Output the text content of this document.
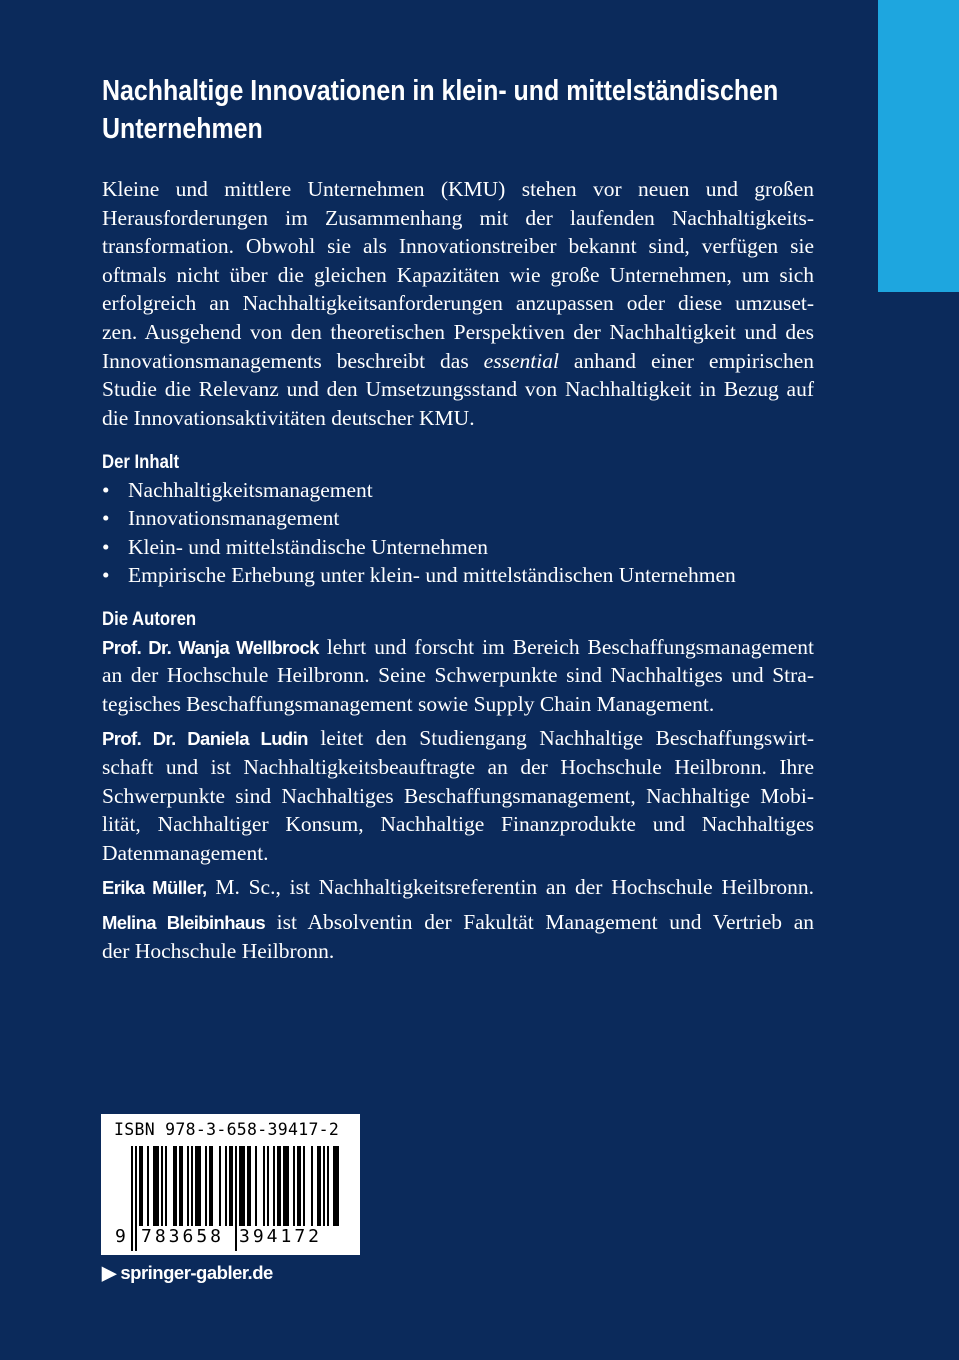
Nachhaltige Innovationen in klein- und mittelständischen
Unternehmen
Kleine und mittlere Unternehmen (KMU) stehen vor neuen und großen
Herausforderungen im Zusammenhang mit der laufenden Nachhaltigkeits-
transformation. Obwohl sie als Innovationstreiber bekannt sind, verfügen sie
oftmals nicht über die gleichen Kapazitäten wie große Unternehmen, um sich
erfolgreich an Nachhaltigkeitsanforderungen anzupassen oder diese umzuset-
zen. Ausgehend von den theoretischen Perspektiven der Nachhaltigkeit und des
Innovationsmanagements beschreibt das essential anhand einer empirischen
Studie die Relevanz und den Umsetzungsstand von Nachhaltigkeit in Bezug auf
die Innovationsaktivitäten deutscher KMU.
Der Inhalt
• Nachhaltigkeitsmanagement
• Innovationsmanagement
• Klein- und mittelständische Unternehmen
• Empirische Erhebung unter klein- und mittelständischen Unternehmen
Die Autoren
Prof. Dr. Wanja Wellbrock lehrt und forscht im Bereich Beschaffungsmanagement
an der Hochschule Heilbronn. Seine Schwerpunkte sind Nachhaltiges und Stra-
tegisches Beschaffungsmanagement sowie Supply Chain Management.
Prof. Dr. Daniela Ludin leitet den Studiengang Nachhaltige Beschaffungswirt-
schaft und ist Nachhaltigkeitsbeauftragte an der Hochschule Heilbronn. Ihre
Schwerpunkte sind Nachhaltiges Beschaffungsmanagement, Nachhaltige Mobi-
lität, Nachhaltiger Konsum, Nachhaltige Finanzprodukte und Nachhaltiges
Datenmanagement.
Erika Müller, M. Sc., ist Nachhaltigkeitsreferentin an der Hochschule Heilbronn.
Melina Bleibinhaus ist Absolventin der Fakultät Management und Vertrieb an
der Hochschule Heilbronn.
ISBN 978-3-658-39417-2
9 783658 394172
▶ springer-gabler.de
